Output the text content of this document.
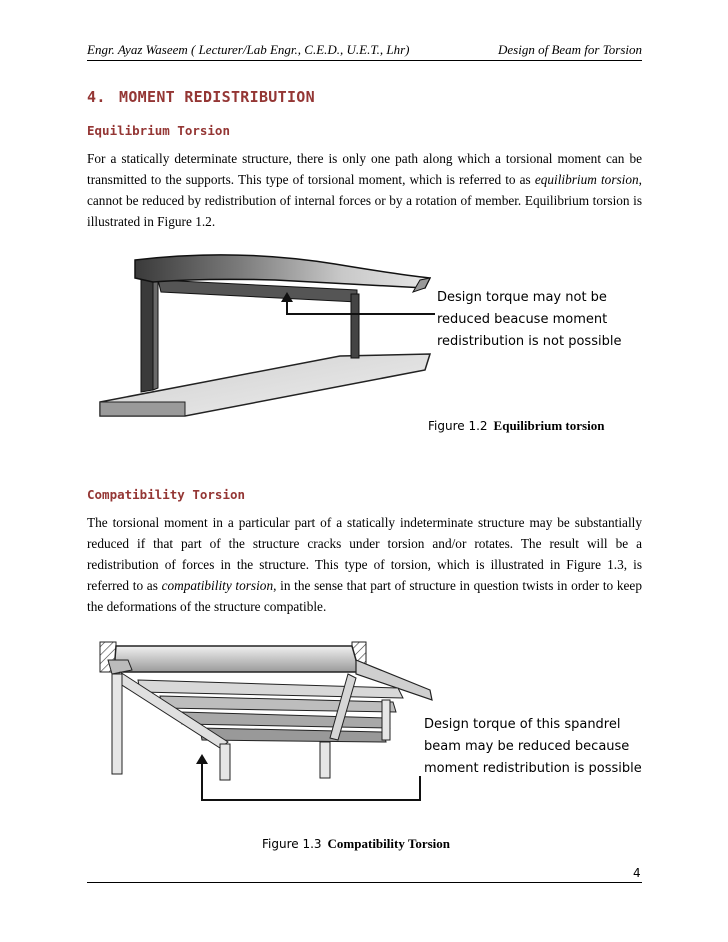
Engr. Ayaz Waseem ( Lecturer/Lab Engr., C.E.D., U.E.T., Lhr)	Design of Beam for Torsion
4. MOMENT REDISTRIBUTION
Equilibrium Torsion
For a statically determinate structure, there is only one path along which a torsional moment can be transmitted to the supports. This type of torsional moment, which is referred to as equilibrium torsion, cannot be reduced by redistribution of internal forces or by a rotation of member. Equilibrium torsion is illustrated in Figure 1.2.
Design torque may not be
reduced beacuse moment
redistribution is not possible
Figure 1.2 Equilibrium torsion
Compatibility Torsion
The torsional moment in a particular part of a statically indeterminate structure may be substantially reduced if that part of the structure cracks under torsion and/or rotates. The result will be a redistribution of forces in the structure. This type of torsion, which is illustrated in Figure 1.3, is referred to as compatibility torsion, in the sense that part of structure in question twists in order to keep the deformations of the structure compatible.
Design torque of this spandrel
beam may be reduced because
moment redistribution is possible
Figure 1.3 Compatibility Torsion
4
